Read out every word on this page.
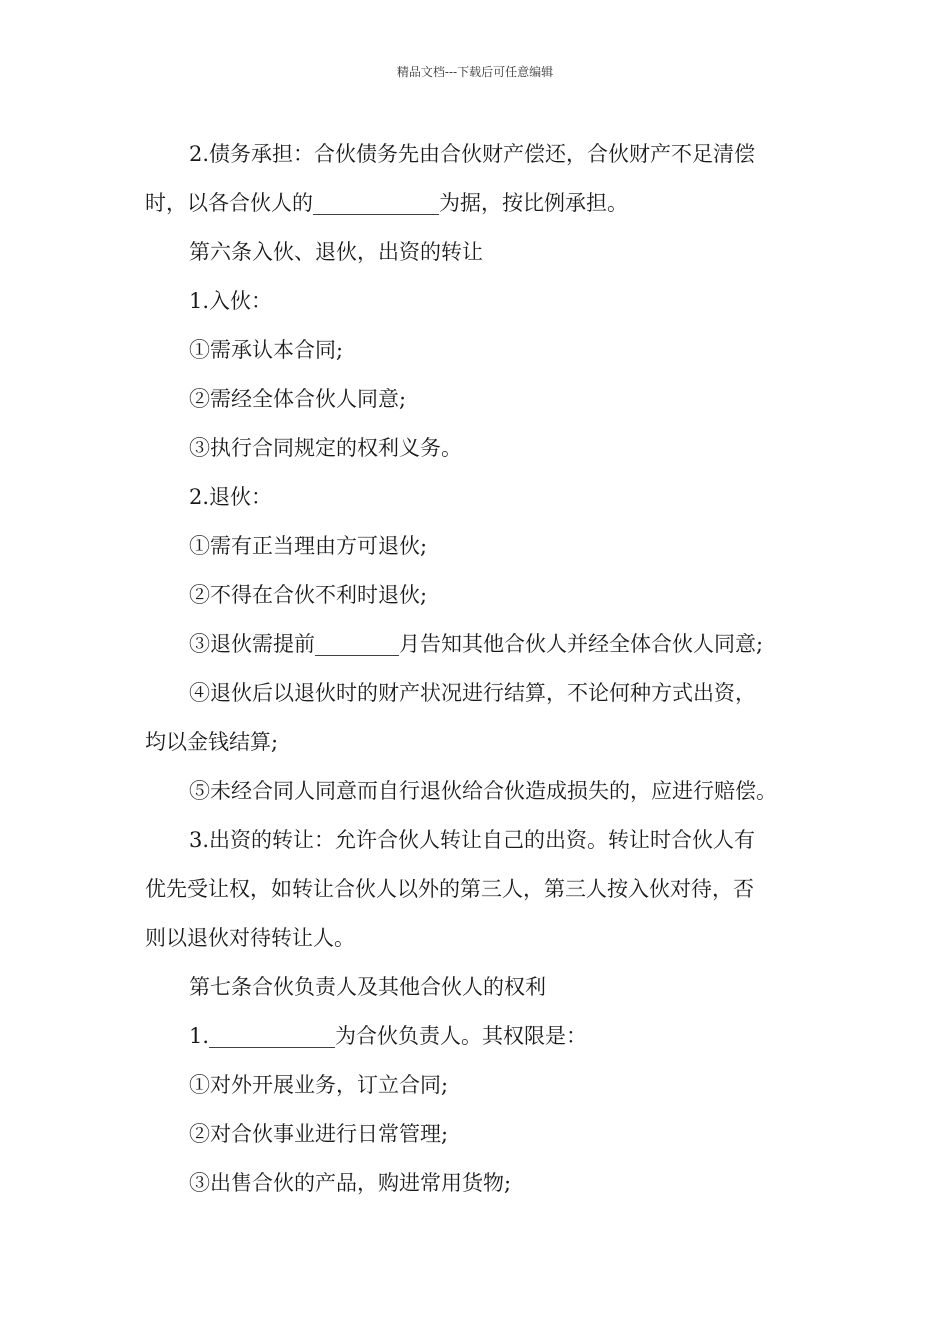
精品文档---下载后可任意编辑
2.债务承担：合伙债务先由合伙财产偿还，合伙财产不足清偿
时，以各合伙人的____________为据，按比例承担。
第六条入伙、退伙，出资的转让
1.入伙：
①需承认本合同;
②需经全体合伙人同意;
③执行合同规定的权利义务。
2.退伙：
①需有正当理由方可退伙;
②不得在合伙不利时退伙;
③退伙需提前________月告知其他合伙人并经全体合伙人同意;
④退伙后以退伙时的财产状况进行结算，不论何种方式出资，
均以金钱结算;
⑤未经合同人同意而自行退伙给合伙造成损失的，应进行赔偿。
3.出资的转让：允许合伙人转让自己的出资。转让时合伙人有
优先受让权，如转让合伙人以外的第三人，第三人按入伙对待，否
则以退伙对待转让人。
第七条合伙负责人及其他合伙人的权利
1.____________为合伙负责人。其权限是：
①对外开展业务，订立合同;
②对合伙事业进行日常管理;
③出售合伙的产品，购进常用货物;
